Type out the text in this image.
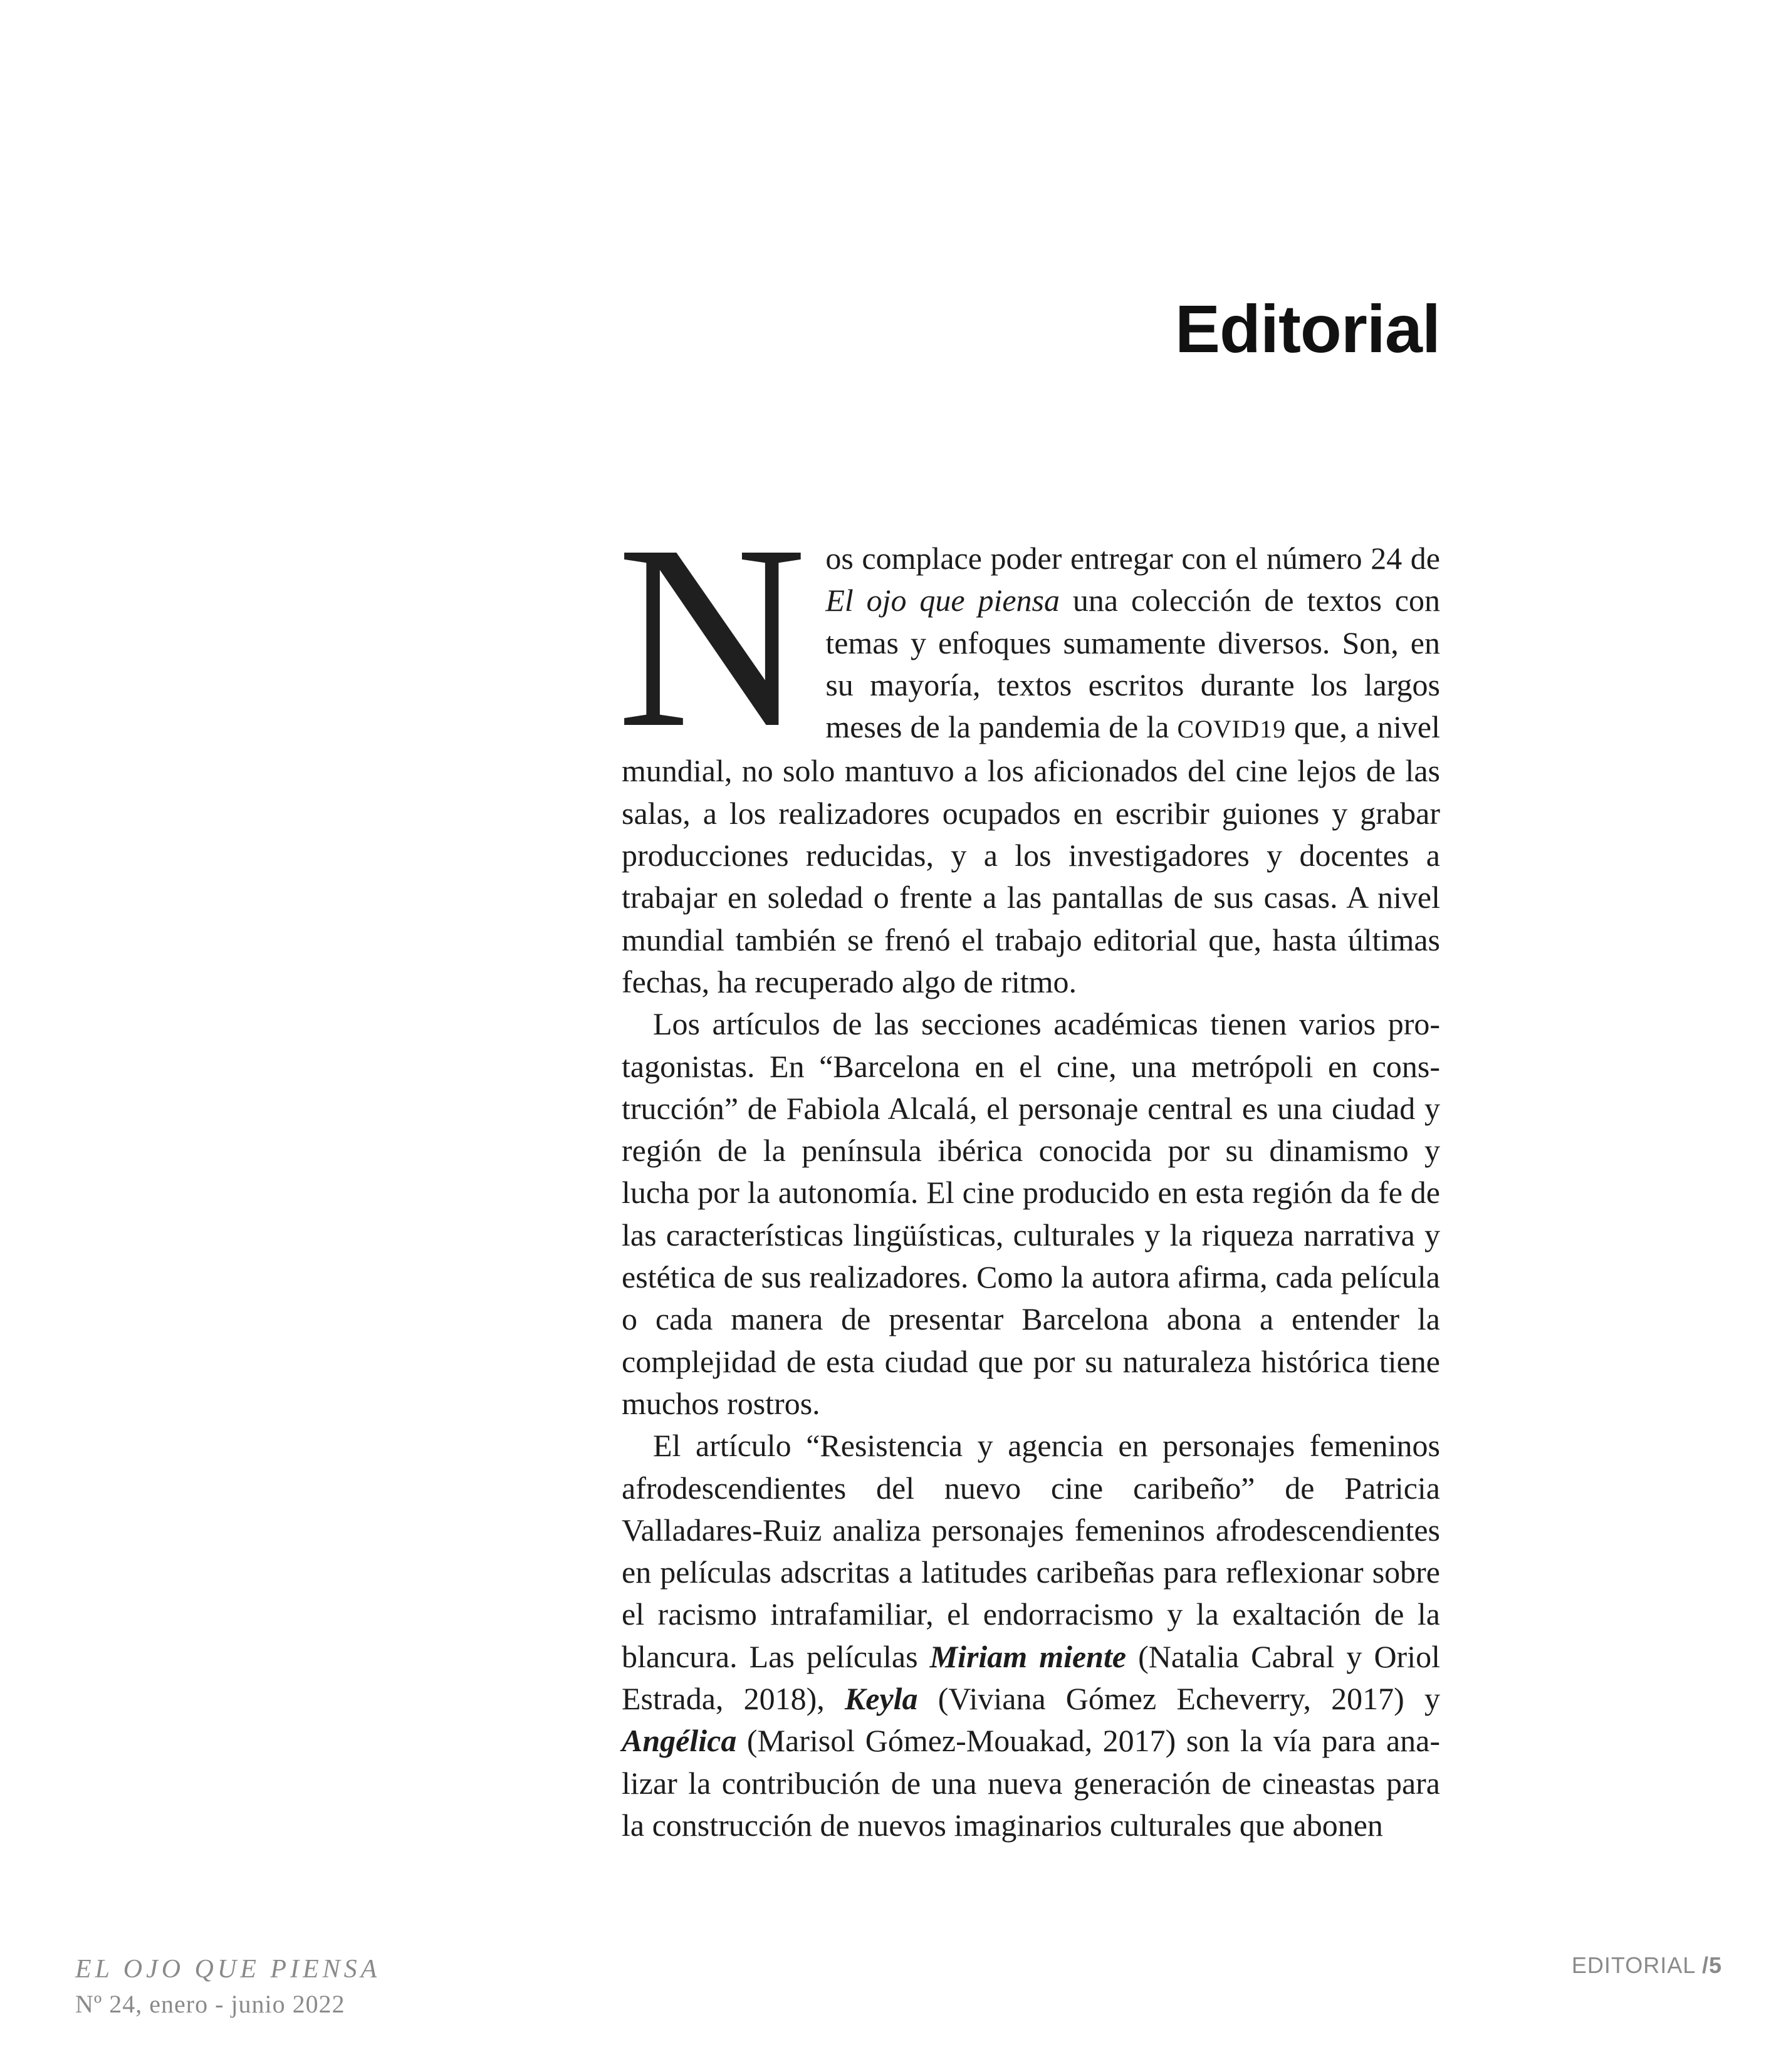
Editorial

Nos complace poder entregar con el número 24 de El ojo que piensa una colección de textos con temas y enfoques sumamente diversos. Son, en su mayoría, textos escritos durante los largos meses de la pandemia de la COVID19 que, a nivel mundial, no solo mantuvo a los aficionados del cine lejos de las salas, a los realizadores ocupados en escribir guiones y grabar producciones reducidas, y a los investigadores y docentes a trabajar en soledad o frente a las pantallas de sus casas. A nivel mundial también se frenó el trabajo editorial que, hasta últimas fechas, ha recuperado algo de ritmo.

Los artículos de las secciones académicas tienen varios protagonistas. En “Barcelona en el cine, una metrópoli en construcción” de Fabiola Alcalá, el personaje central es una ciudad y región de la península ibérica conocida por su dinamismo y lucha por la autonomía. El cine producido en esta región da fe de las características lingüísticas, culturales y la riqueza narrativa y estética de sus realizadores. Como la autora afirma, cada película o cada manera de presentar Barcelona abona a entender la complejidad de esta ciudad que por su naturaleza histórica tiene muchos rostros.

El artículo “Resistencia y agencia en personajes femeninos afrodescendientes del nuevo cine caribeño” de Patricia Valladares-Ruiz analiza personajes femeninos afrodescendientes en películas adscritas a latitudes caribeñas para reflexionar sobre el racismo intrafamiliar, el endorracismo y la exaltación de la blancura. Las películas Miriam miente (Natalia Cabral y Oriol Estrada, 2018), Keyla (Viviana Gómez Echeverry, 2017) y Angélica (Marisol Gómez-Mouakad, 2017) son la vía para analizar la contribución de una nueva generación de cineastas para la construcción de nuevos imaginarios culturales que abonen

EL OJO QUE PIENSA
Nº 24, enero - junio 2022
EDITORIAL /5
